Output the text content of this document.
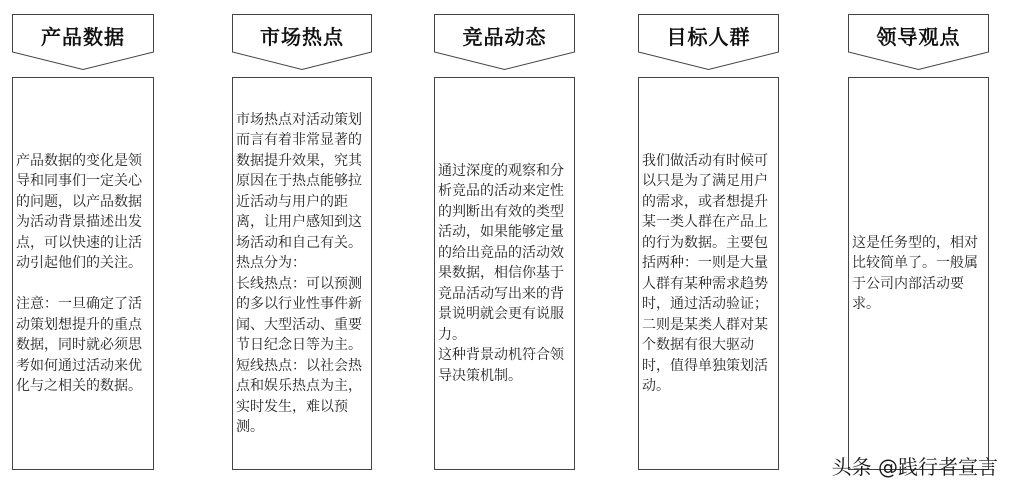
产品数据
产品数据的变化是领导和同事们一定关心的问题，以产品数据为活动背景描述出发点，可以快速的让活动引起他们的关注。

注意：一旦确定了活动策划想提升的重点数据，同时就必须思考如何通过活动来优化与之相关的数据。
市场热点
市场热点对活动策划而言有着非常显著的数据提升效果，究其原因在于热点能够拉近活动与用户的距离，让用户感知到这场活动和自己有关。
热点分为：
长线热点：可以预测的多以行业性事件新闻、大型活动、重要节日纪念日等为主。
短线热点：以社会热点和娱乐热点为主，实时发生，难以预测。
竞品动态
通过深度的观察和分析竞品的活动来定性的判断出有效的类型活动，如果能够定量的给出竞品的活动效果数据，相信你基于竞品活动写出来的背景说明就会更有说服力。
这种背景动机符合领导决策机制。
目标人群
我们做活动有时候可以只是为了满足用户的需求，或者想提升某一类人群在产品上的行为数据。主要包括两种：一则是大量人群有某种需求趋势时，通过活动验证；二则是某类人群对某个数据有很大驱动时，值得单独策划活动。
领导观点
这是任务型的，相对比较简单了。一般属于公司内部活动要求。
头条 @践行者宣言
